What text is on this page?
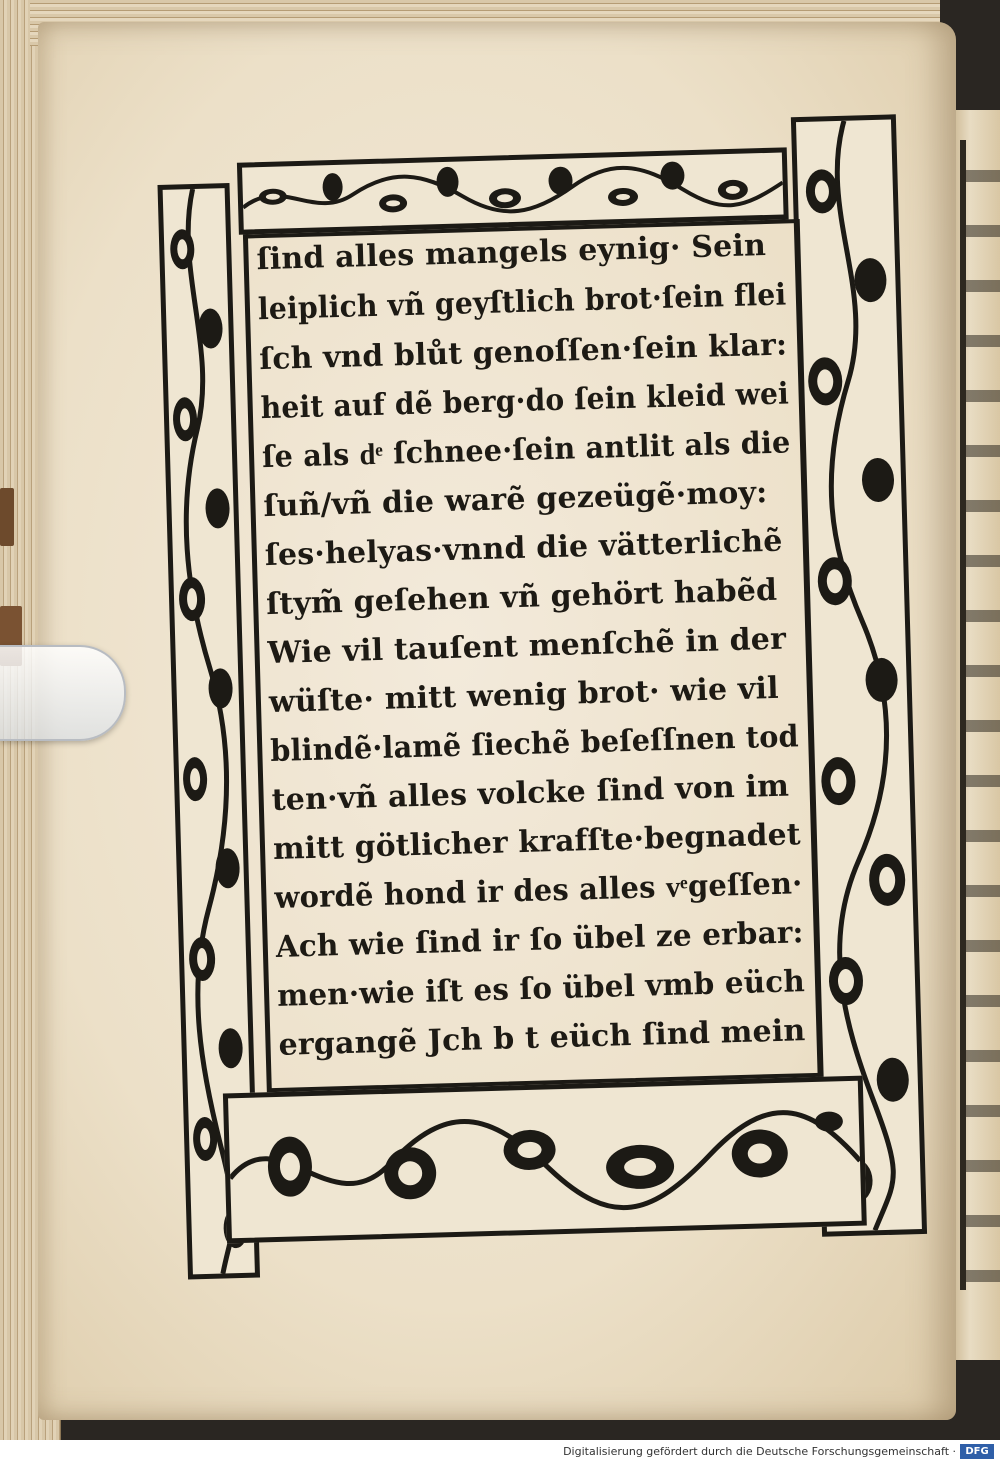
ſind alles mangels eynig· Sein
leiplich vñ geyſtlich brot·ſein flei
ſch vnd blůt genoſſen·ſein klar:
heit auf dẽ berg·do ſein kleid wei
ſe als dͤ ſchnee·ſein antlit als die
ſuñ/vñ die warẽ gezeügẽ·moy:
ſes·helyas·vnnd die vätterlichẽ
ſtym̃ geſehen vñ gehört habẽd
Wie vil tauſent menſchẽ in der
wüſte· mitt wenig brot· wie vil
blindẽ·lamẽ ſiechẽ beſeſſnen tod
ten·vñ alles volcke ſind von im
mitt götlicher krafſte·begnadet
wordẽ hond ir des alles vͤgeſſen·
Ach wie ſind ir ſo übel ze erbar:
men·wie iſt es ſo übel vmb eüch
ergangẽ Jch b t eüch ſind mein
Digitalisierung gefördert durch die Deutsche Forschungsgemeinschaft · DFG
